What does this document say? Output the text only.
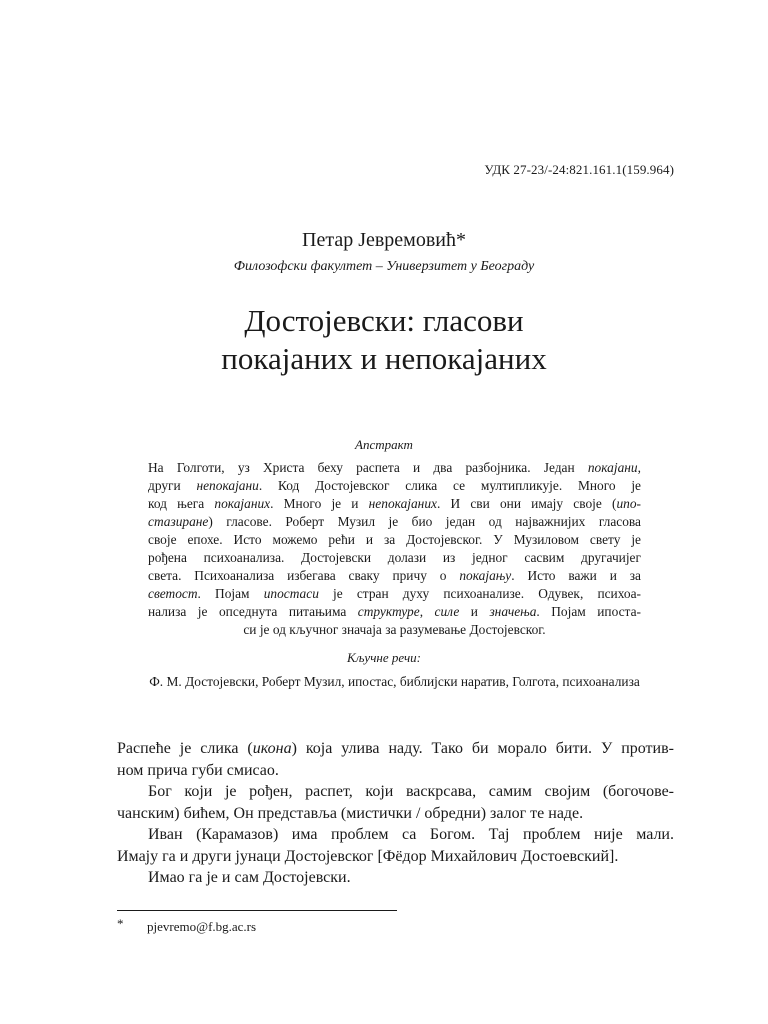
УДК 27-23/-24:821.161.1(159.964)
Петар Јевремовић*
Филозофски факултет – Универзитет у Београду
Достојевски: гласови
покајаних и непокајаних
Апстракт
На Голготи, уз Христа беху распета и два разбојника. Један покајани,
други непокајани. Код Достојевског слика се мултипликује. Много је
код њега покајаних. Много је и непокајаних. И сви они имају своје (ипо-
стазиране) гласове. Роберт Музил је био један од најважнијих гласова
своје епохе. Исто можемо рећи и за Достојевског. У Музиловом свету је
рођена психоанализа. Достојевски долази из једног сасвим другачијег
света. Психоанализа избегава сваку причу о покајању. Исто важи и за
светост. Појам ипостаси је стран духу психоанализе. Одувек, психоа-
нализа је опседнута питањима структуре, силе и значења. Појам ипоста-
си је од кључног значаја за разумевање Достојевског.
Кључне речи:
Ф. М. Достојевски, Роберт Музил, ипостас, библијски наратив, Голгота, психоанализа
Распеће је слика (икона) која улива наду. Тако би морало бити. У против-
ном прича губи смисао.
Бог који је рођен, распет, који васкрсава, самим својим (богочове-
чанским) бићем, Он представља (мистички / обредни) залог те наде.
Иван (Карамазов) има проблем са Богом. Тај проблем није мали.
Имају га и други јунаци Достојевског [Фёдор Михайлович Достоевский].
Имао га је и сам Достојевски.
* pjevremo@f.bg.ac.rs
